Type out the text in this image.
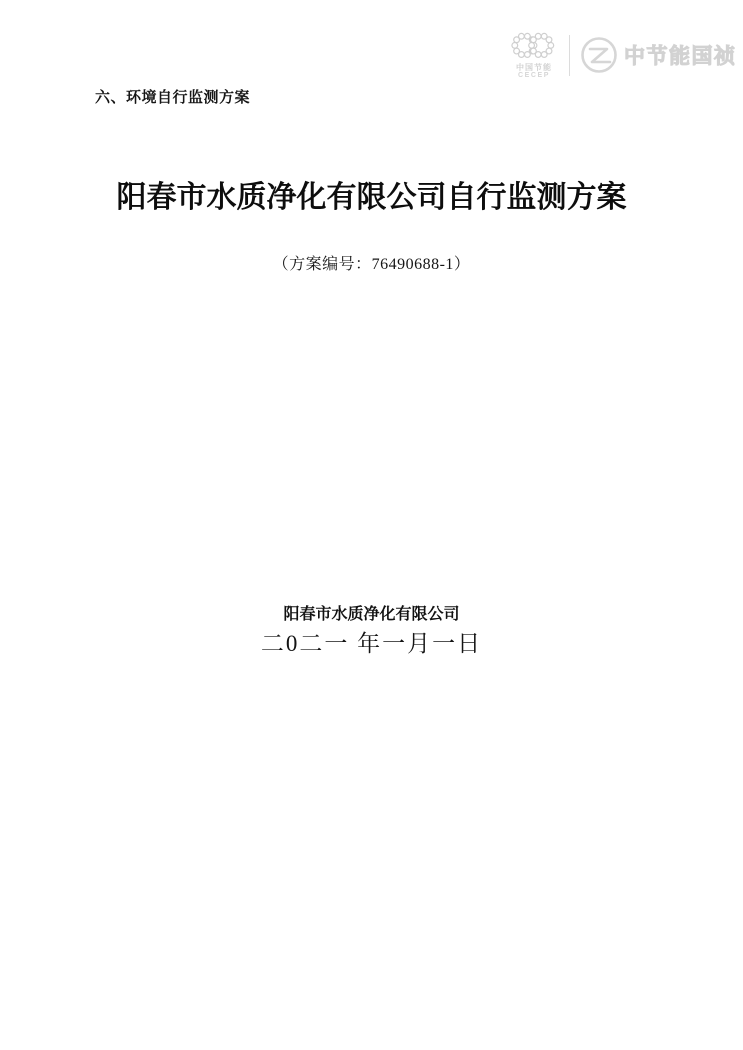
中国节能
CECEP
中节能国祯
六、环境自行监测方案
阳春市水质净化有限公司自行监测方案
（方案编号：76490688-1）
阳春市水质净化有限公司
二0二一 年一月一日
